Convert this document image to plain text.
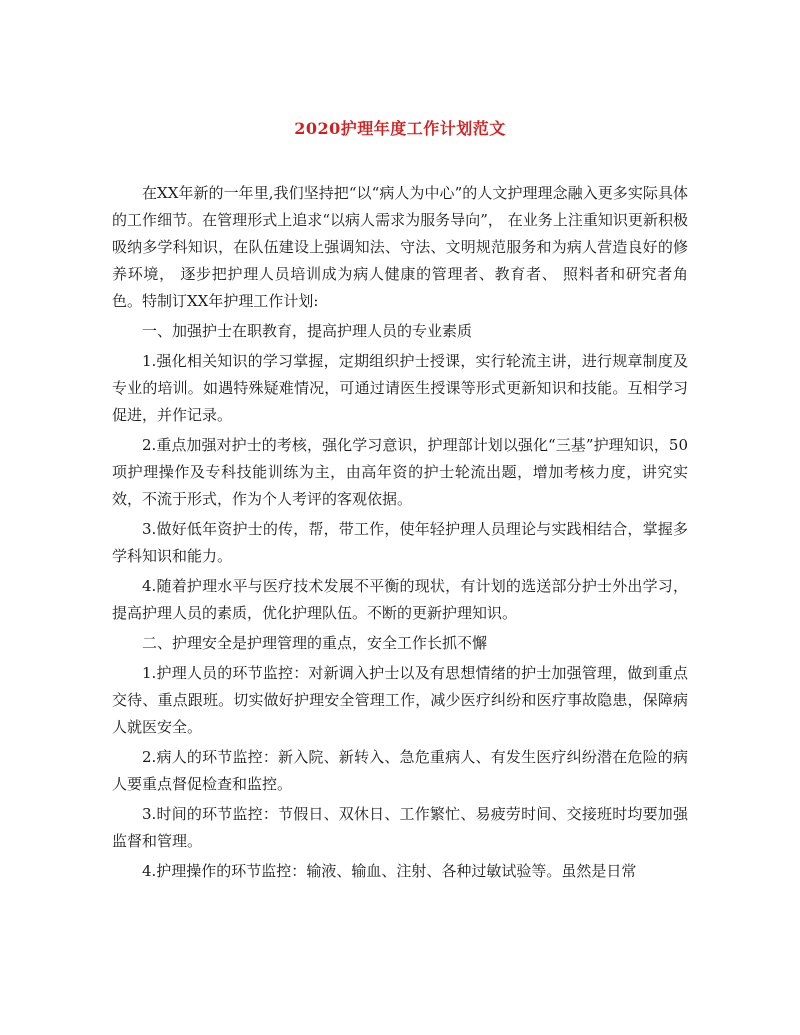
2020护理年度工作计划范文

在XX年新的一年里,我们坚持把“以“病人为中心”的人文护理理念融入更多实际具体的工作细节。在管理形式上追求“以病人需求为服务导向”， 在业务上注重知识更新积极吸纳多学科知识，在队伍建设上强调知法、守法、文明规范服务和为病人营造良好的修养环境， 逐步把护理人员培训成为病人健康的管理者、教育者、 照料者和研究者角色。特制订XX年护理工作计划:

一、加强护士在职教育，提高护理人员的专业素质

1.强化相关知识的学习掌握，定期组织护士授课，实行轮流主讲，进行规章制度及专业的培训。如遇特殊疑难情况，可通过请医生授课等形式更新知识和技能。互相学习促进，并作记录。

2.重点加强对护士的考核，强化学习意识，护理部计划以强化“三基”护理知识，50项护理操作及专科技能训练为主，由高年资的护士轮流出题，增加考核力度，讲究实效，不流于形式，作为个人考评的客观依据。

3.做好低年资护士的传，帮，带工作，使年轻护理人员理论与实践相结合，掌握多学科知识和能力。

4.随着护理水平与医疗技术发展不平衡的现状，有计划的选送部分护士外出学习，提高护理人员的素质，优化护理队伍。不断的更新护理知识。

二、护理安全是护理管理的重点，安全工作长抓不懈

1.护理人员的环节监控：对新调入护士以及有思想情绪的护士加强管理，做到重点交待、重点跟班。切实做好护理安全管理工作，减少医疗纠纷和医疗事故隐患，保障病人就医安全。

2.病人的环节监控：新入院、新转入、急危重病人、有发生医疗纠纷潜在危险的病人要重点督促检查和监控。

3.时间的环节监控：节假日、双休日、工作繁忙、易疲劳时间、交接班时均要加强监督和管理。

4.护理操作的环节监控：输液、输血、注射、各种过敏试验等。虽然是日常
